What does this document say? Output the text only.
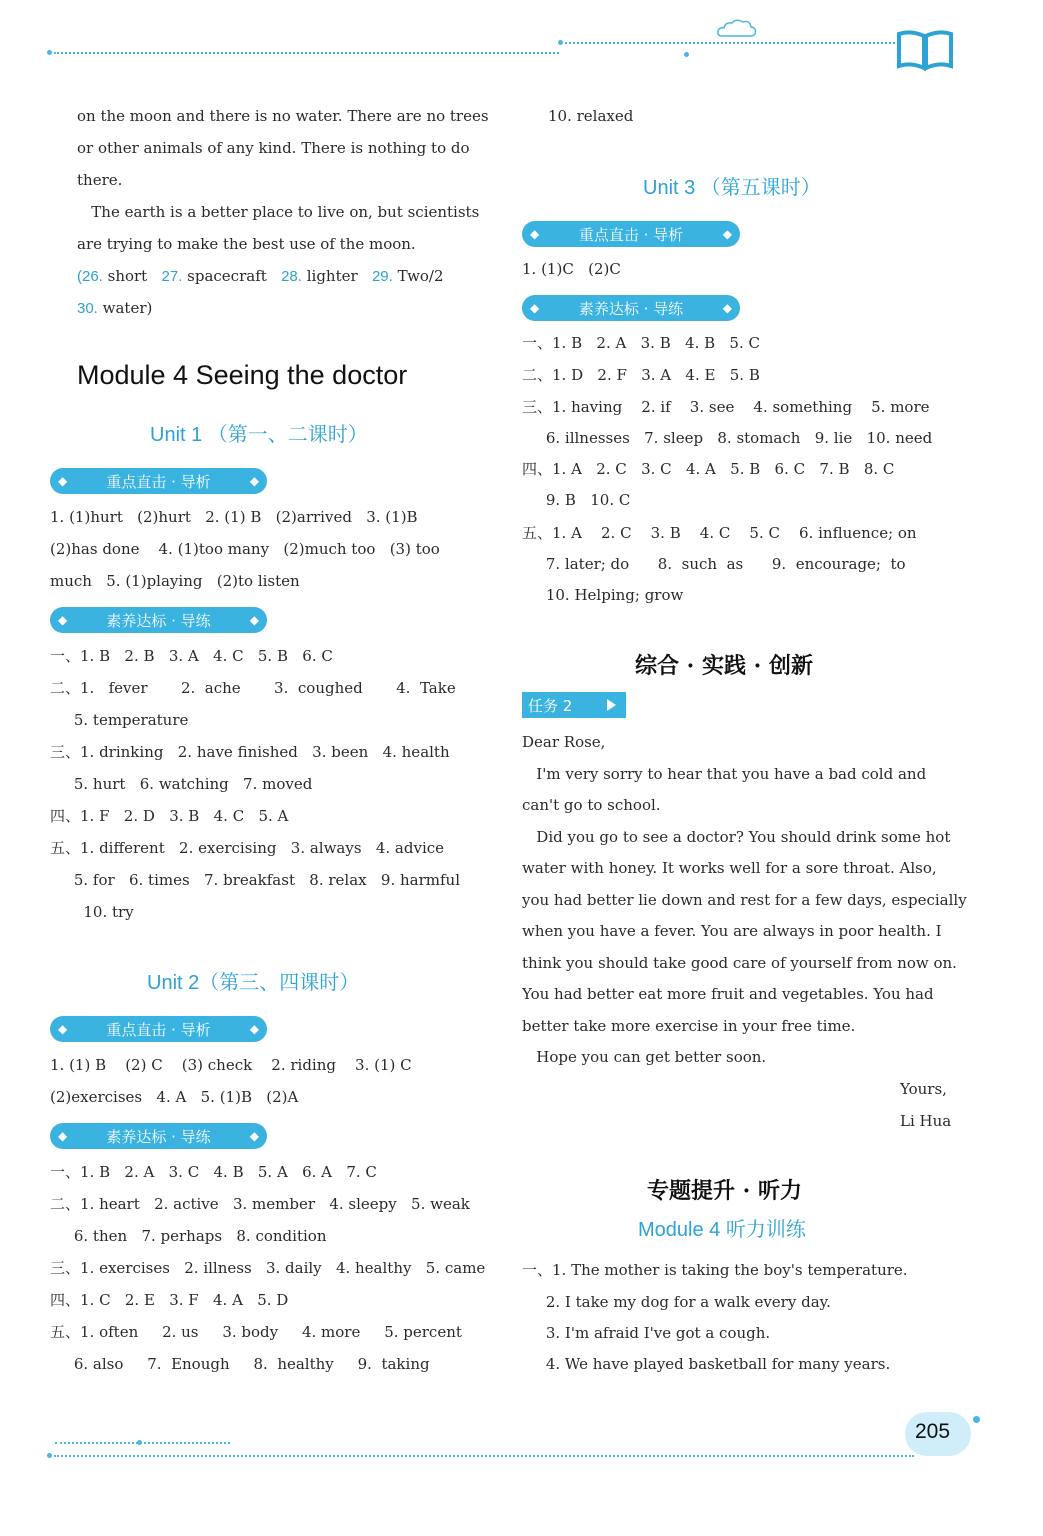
on the moon and there is no water. There are no trees
or other animals of any kind. There is nothing to do
there.
The earth is a better place to live on, but scientists
are trying to make the best use of the moon.
(26. short 27. spacecraft 28. lighter 29. Two/2
30. water)
Module 4 Seeing the doctor
Unit 1 （第一、二课时）
◆	重点直击 · 导析	◆
1. (1)hurt   (2)hurt   2. (1) B   (2)arrived   3. (1)B
(2)has done    4. (1)too many   (2)much too   (3) too
much   5. (1)playing   (2)to listen
◆	素养达标 · 导练	◆
一、1. B   2. B   3. A   4. C   5. B   6. C
二、1.   fever       2.  ache       3.  coughed       4.  Take
5. temperature
三、1. drinking   2. have finished   3. been   4. health
5. hurt   6. watching   7. moved
四、1. F   2. D   3. B   4. C   5. A
五、1. different   2. exercising   3. always   4. advice
5. for   6. times   7. breakfast   8. relax   9. harmful
10. try
Unit 2（第三、四课时）
◆	重点直击 · 导析	◆
1. (1) B    (2) C    (3) check    2. riding    3. (1) C
(2)exercises   4. A   5. (1)B   (2)A
◆	素养达标 · 导练	◆
一、1. B   2. A   3. C   4. B   5. A   6. A   7. C
二、1. heart   2. active   3. member   4. sleepy   5. weak
6. then   7. perhaps   8. condition
三、1. exercises   2. illness   3. daily   4. healthy   5. came
四、1. C   2. E   3. F   4. A   5. D
五、1. often     2. us     3. body     4. more     5. percent
6. also     7.  Enough     8.  healthy     9.  taking
10. relaxed
Unit 3 （第五课时）
◆	重点直击 · 导析	◆
1. (1)C   (2)C
◆	素养达标 · 导练	◆
一、1. B   2. A   3. B   4. B   5. C
二、1. D   2. F   3. A   4. E   5. B
三、1. having    2. if    3. see    4. something    5. more
6. illnesses   7. sleep   8. stomach   9. lie   10. need
四、1. A   2. C   3. C   4. A   5. B   6. C   7. B   8. C
9. B   10. C
五、1. A    2. C    3. B    4. C    5. C    6. influence; on
7. later; do      8.  such  as      9.  encourage;  to
10. Helping; grow
综合 · 实践 · 创新
任务 2
Dear Rose,
I'm very sorry to hear that you have a bad cold and
can't go to school.
Did you go to see a doctor? You should drink some hot
water with honey. It works well for a sore throat. Also,
you had better lie down and rest for a few days, especially
when you have a fever. You are always in poor health. I
think you should take good care of yourself from now on.
You had better eat more fruit and vegetables. You had
better take more exercise in your free time.
Hope you can get better soon.
Yours,
Li Hua
专题提升 · 听力
Module 4 听力训练
一、1. The mother is taking the boy's temperature.
2. I take my dog for a walk every day.
3. I'm afraid I've got a cough.
4. We have played basketball for many years.
205
